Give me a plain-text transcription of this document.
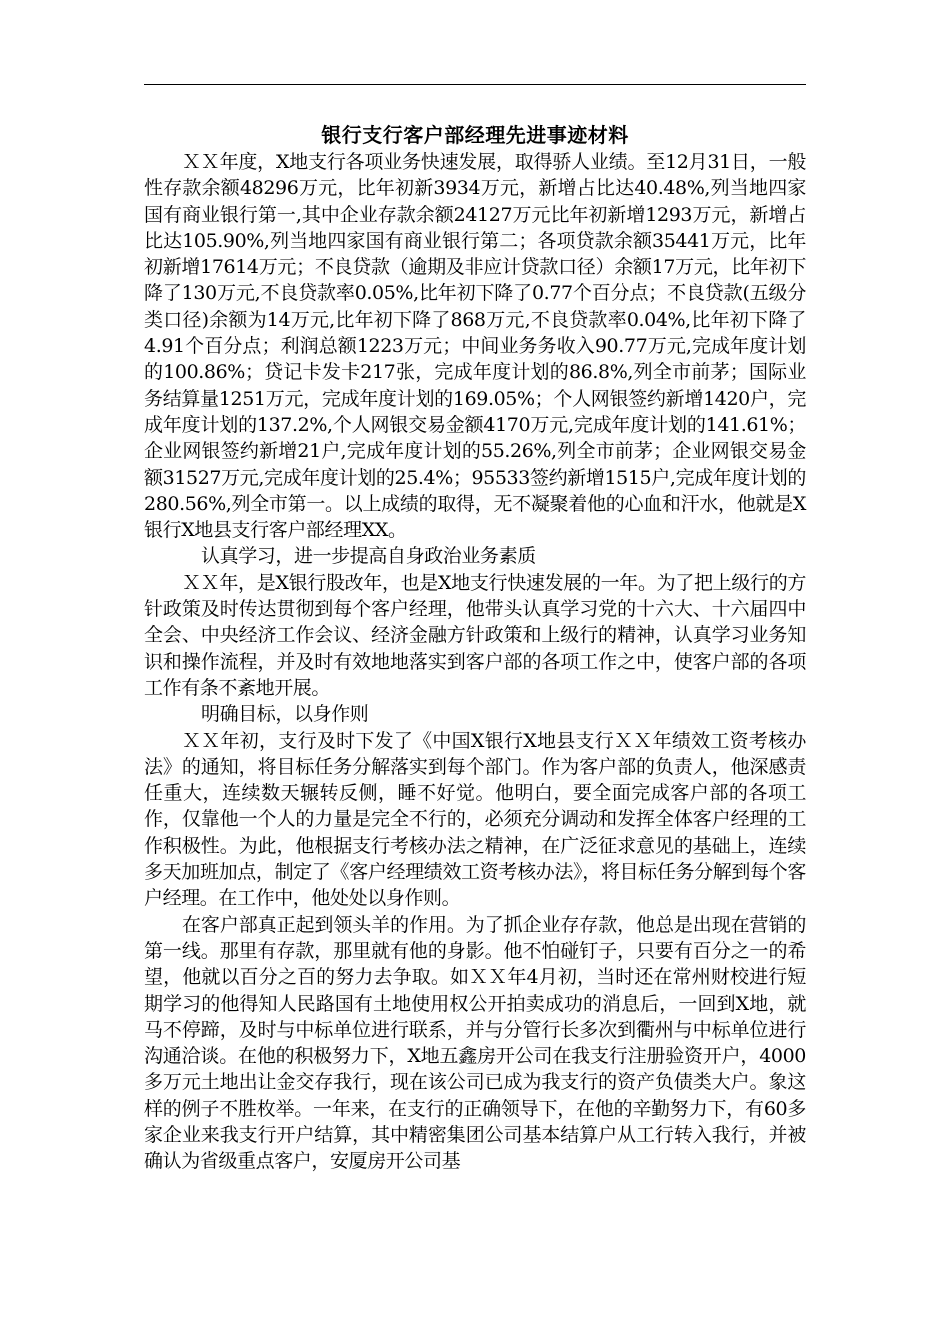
银行支行客户部经理先进事迹材料

ＸＸ年度，X地支行各项业务快速发展，取得骄人业绩。至12月31日，一般性存款余额48296万元，比年初新3934万元，新增占比达40.48%,列当地四家国有商业银行第一,其中企业存款余额24127万元比年初新增1293万元，新增占比达105.90%,列当地四家国有商业银行第二；各项贷款余额35441万元，比年初新增17614万元；不良贷款（逾期及非应计贷款口径）余额17万元，比年初下降了130万元,不良贷款率0.05%,比年初下降了0.77个百分点；不良贷款(五级分类口径)余额为14万元,比年初下降了868万元,不良贷款率0.04%,比年初下降了4.91个百分点；利润总额1223万元；中间业务务收入90.77万元,完成年度计划的100.86%；贷记卡发卡217张，完成年度计划的86.8%,列全市前茅；国际业务结算量1251万元，完成年度计划的169.05%；个人网银签约新增1420户，完成年度计划的137.2%,个人网银交易金额4170万元,完成年度计划的141.61%；企业网银签约新增21户,完成年度计划的55.26%,列全市前茅；企业网银交易金额31527万元,完成年度计划的25.4%；95533签约新增1515户,完成年度计划的280.56%,列全市第一。以上成绩的取得，无不凝聚着他的心血和汗水，他就是X银行X地县支行客户部经理XX。

认真学习，进一步提高自身政治业务素质

ＸＸ年，是X银行股改年，也是X地支行快速发展的一年。为了把上级行的方针政策及时传达贯彻到每个客户经理，他带头认真学习党的十六大、十六届四中全会、中央经济工作会议、经济金融方针政策和上级行的精神，认真学习业务知识和操作流程，并及时有效地地落实到客户部的各项工作之中，使客户部的各项工作有条不紊地开展。

明确目标，以身作则

ＸＸ年初，支行及时下发了《中国X银行X地县支行ＸＸ年绩效工资考核办法》的通知，将目标任务分解落实到每个部门。作为客户部的负责人，他深感责任重大，连续数天辗转反侧，睡不好觉。他明白，要全面完成客户部的各项工作，仅靠他一个人的力量是完全不行的，必须充分调动和发挥全体客户经理的工作积极性。为此，他根据支行考核办法之精神，在广泛征求意见的基础上，连续多天加班加点，制定了《客户经理绩效工资考核办法》，将目标任务分解到每个客户经理。在工作中，他处处以身作则。

在客户部真正起到领头羊的作用。为了抓企业存存款，他总是出现在营销的第一线。那里有存款，那里就有他的身影。他不怕碰钉子，只要有百分之一的希望，他就以百分之百的努力去争取。如ＸＸ年4月初，当时还在常州财校进行短期学习的他得知人民路国有土地使用权公开拍卖成功的消息后，一回到X地，就马不停蹄，及时与中标单位进行联系，并与分管行长多次到衢州与中标单位进行沟通洽谈。在他的积极努力下，X地五鑫房开公司在我支行注册验资开户，4000多万元土地出让金交存我行，现在该公司已成为我支行的资产负债类大户。象这样的例子不胜枚举。一年来，在支行的正确领导下，在他的辛勤努力下，有60多家企业来我支行开户结算，其中精密集团公司基本结算户从工行转入我行，并被确认为省级重点客户，安厦房开公司基
